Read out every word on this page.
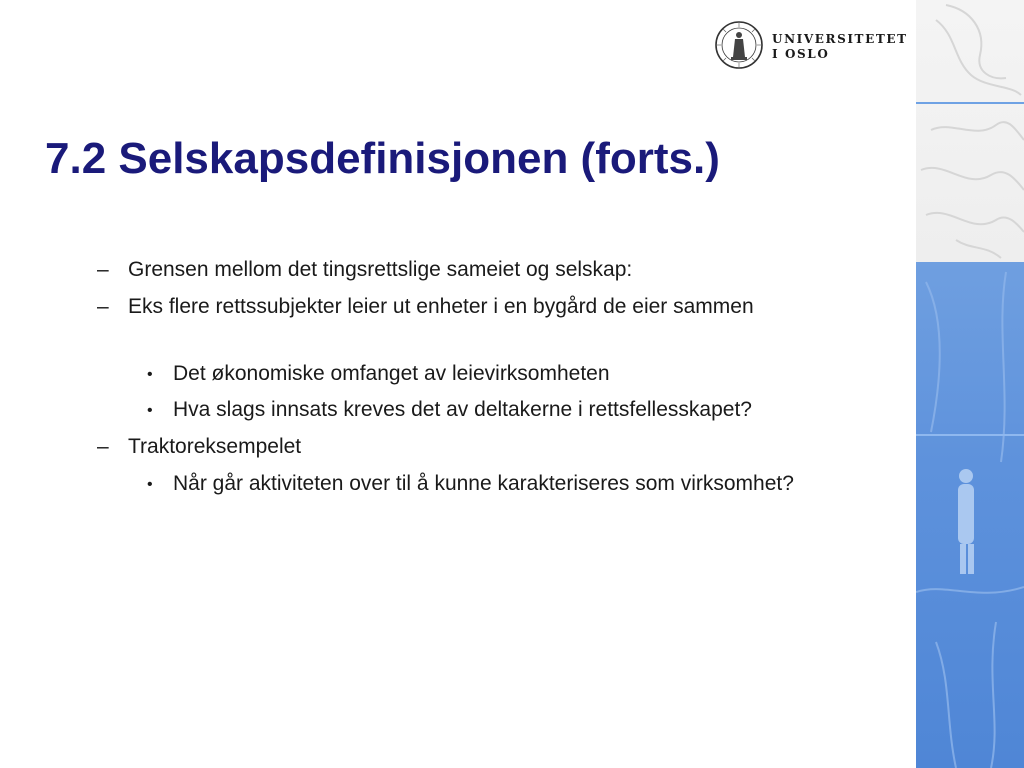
UNIVERSITETET
I OSLO
7.2 Selskapsdefinisjonen (forts.)
– Grensen mellom det tingsrettslige sameiet og selskap:
– Eks flere rettssubjekter leier ut enheter i en bygård de eier sammen
• Det økonomiske omfanget av leievirksomheten
• Hva slags innsats kreves det av deltakerne i rettsfellesskapet?
– Traktoreksempelet
• Når går aktiviteten over til å kunne karakteriseres som virksomhet?
